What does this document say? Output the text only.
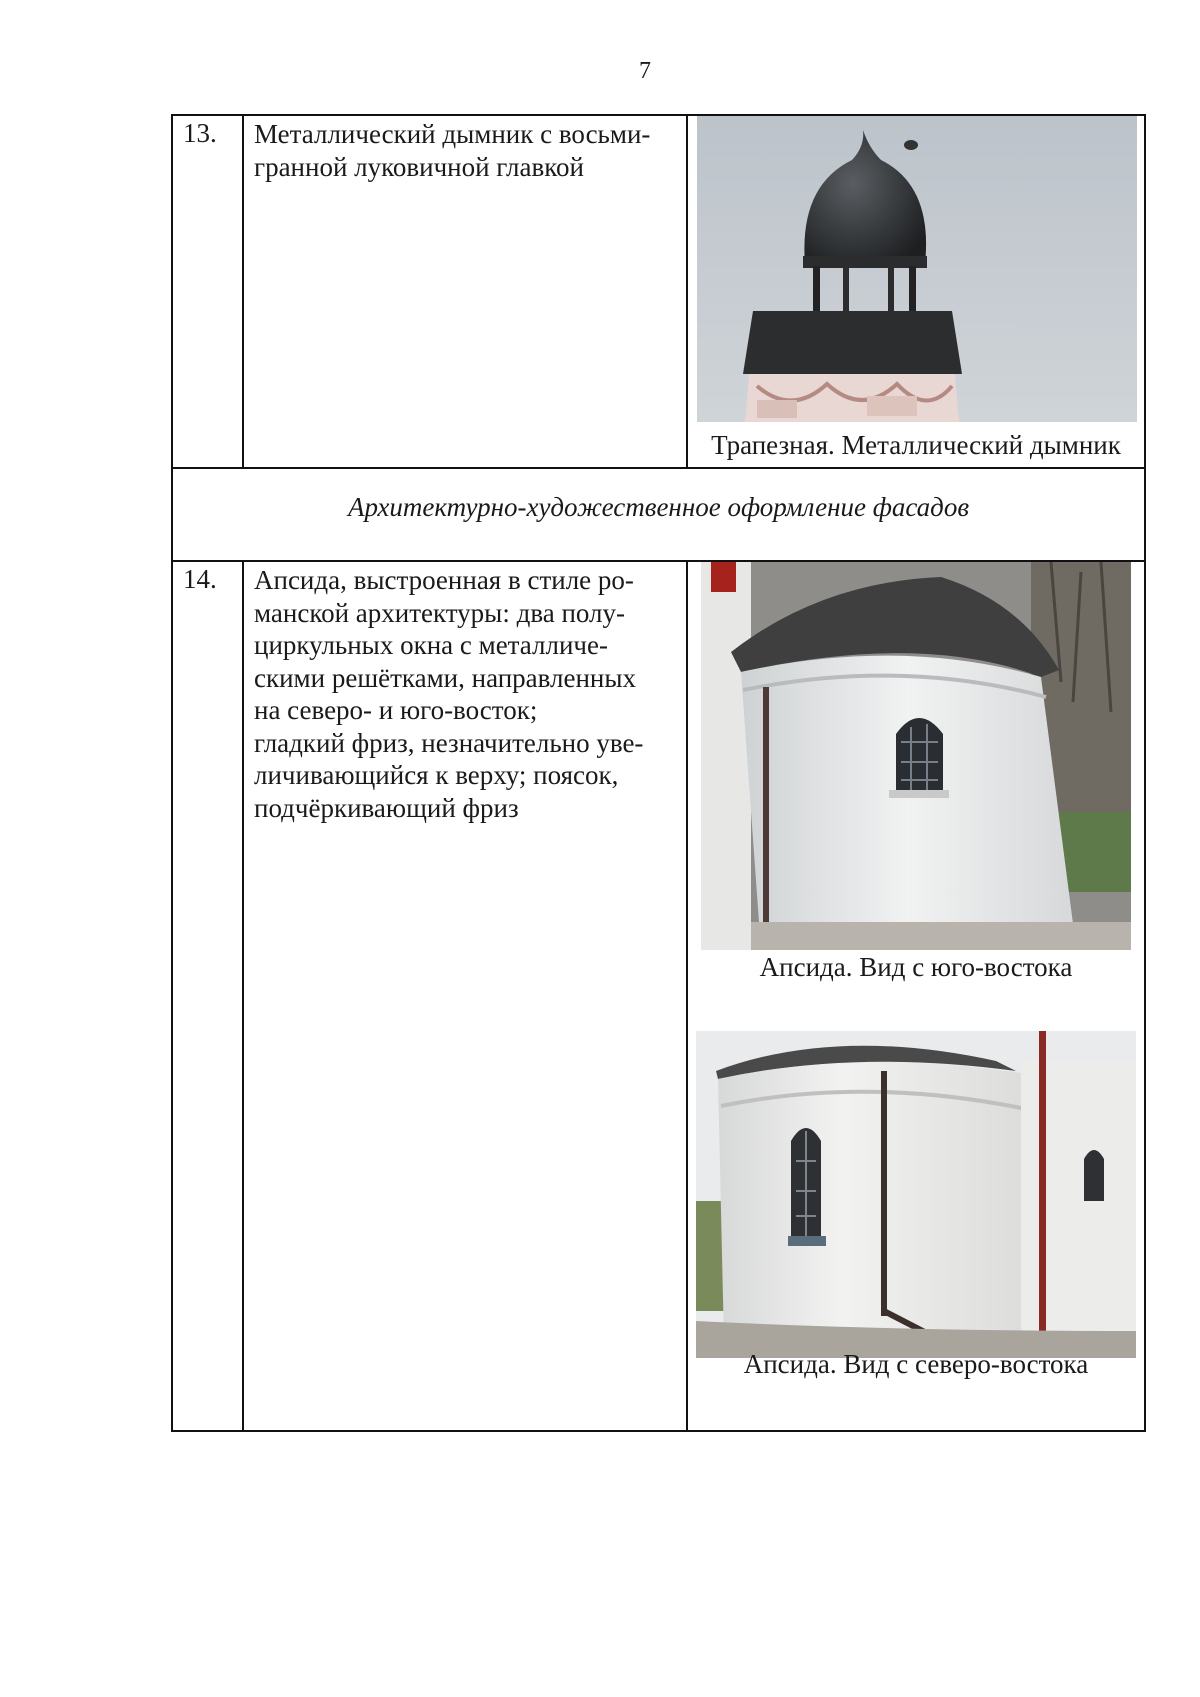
7
13. Металлический дымник с восьми-
гранной луковичной главкой
Трапезная. Металлический дымник
Архитектурно-художественное оформление фасадов
14. Апсида, выстроенная в стиле ро-
манской архитектуры: два полу-
циркульных окна с металличе-
скими решётками, направленных
на северо- и юго-восток;
гладкий фриз, незначительно уве-
личивающийся к верху; поясок,
подчёркивающий фриз
Апсида. Вид с юго-востока
Апсида. Вид с северо-востока
